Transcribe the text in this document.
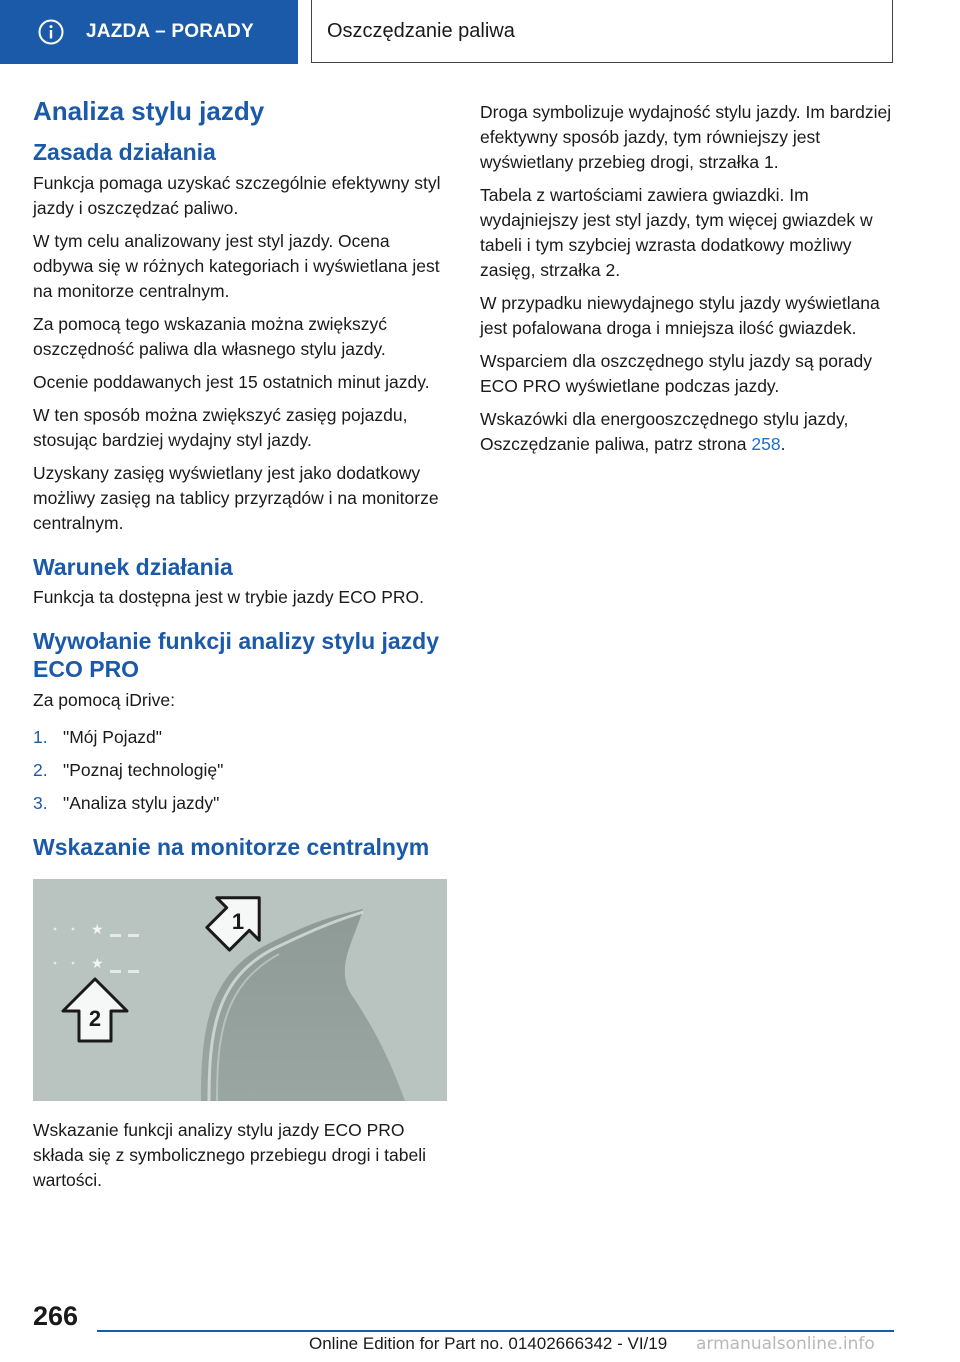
JAZDA – PORADY	Oszczędzanie paliwa
Analiza stylu jazdy
Zasada działania

Funkcja pomaga uzyskać szczególnie efektywny styl jazdy i oszczędzać paliwo.

W tym celu analizowany jest styl jazdy. Ocena odbywa się w różnych kategoriach i wyświetlana jest na monitorze centralnym.

Za pomocą tego wskazania można zwiększyć oszczędność paliwa dla własnego stylu jazdy.

Ocenie poddawanych jest 15 ostatnich minut jazdy.

W ten sposób można zwiększyć zasięg pojazdu, stosując bardziej wydajny styl jazdy.

Uzyskany zasięg wyświetlany jest jako dodatkowy możliwy zasięg na tablicy przyrządów i na monitorze centralnym.

Warunek działania

Funkcja ta dostępna jest w trybie jazdy ECO PRO.

Wywołanie funkcji analizy stylu jazdy ECO PRO

Za pomocą iDrive:

1. "Mój Pojazd"
2. "Poznaj technologię"
3. "Analiza stylu jazdy"
Wskazanie na monitorze centralnym
★
★
1
2

Wskazanie funkcji analizy stylu jazdy ECO PRO składa się z symbolicznego przebiegu drogi i tabeli wartości.

Droga symbolizuje wydajność stylu jazdy. Im bardziej efektywny sposób jazdy, tym równiejszy jest wyświetlany przebieg drogi, strzałka 1.

Tabela z wartościami zawiera gwiazdki. Im wydajniejszy jest styl jazdy, tym więcej gwiazdek w tabeli i tym szybciej wzrasta dodatkowy możliwy zasięg, strzałka 2.

W przypadku niewydajnego stylu jazdy wyświetlana jest pofalowana droga i mniejsza ilość gwiazdek.

Wsparciem dla oszczędnego stylu jazdy są porady ECO PRO wyświetlane podczas jazdy.

Wskazówki dla energooszczędnego stylu jazdy, Oszczędzanie paliwa, patrz strona 258.

266
Online Edition for Part no. 01402666342 - VI/19 armanualsonline.info
